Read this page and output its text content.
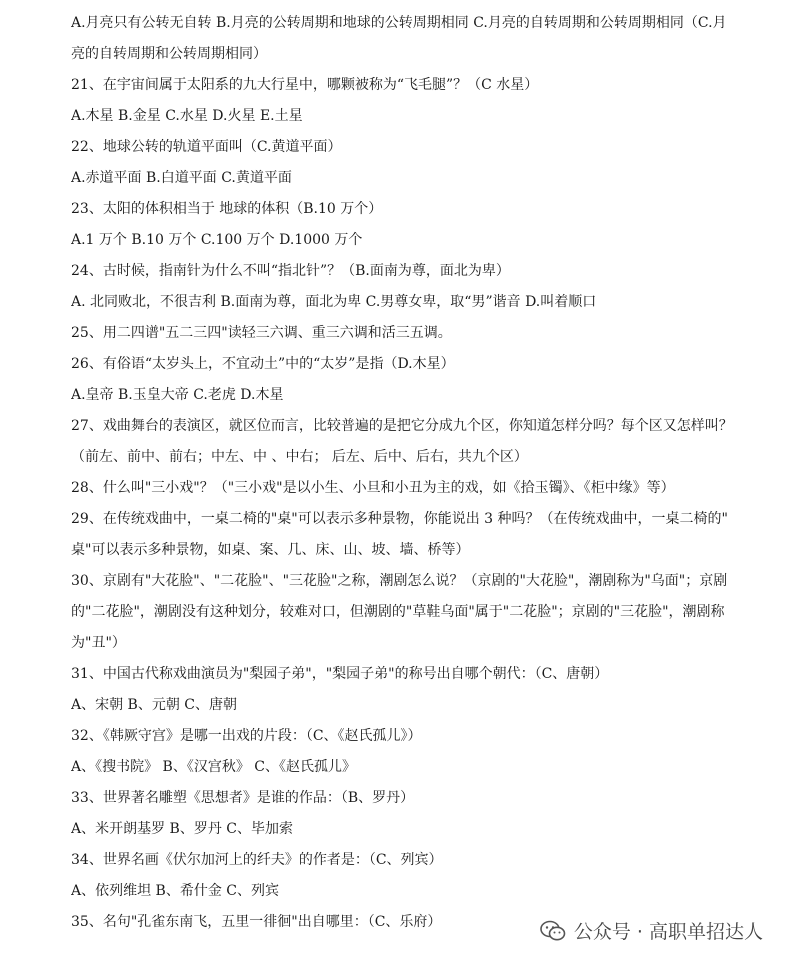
A.月亮只有公转无自转 B.月亮的公转周期和地球的公转周期相同 C.月亮的自转周期和公转周期相同（C.月
亮的自转周期和公转周期相同）
21、在宇宙间属于太阳系的九大行星中，哪颗被称为“飞毛腿”？（C 水星）
A.木星 B.金星 C.水星 D.火星 E.土星
22、地球公转的轨道平面叫（C.黄道平面）
A.赤道平面 B.白道平面 C.黄道平面
23、太阳的体积相当于 地球的体积（B.10 万个）
A.1 万个 B.10 万个 C.100 万个 D.1000 万个
24、古时候，指南针为什么不叫“指北针”？（B.面南为尊，面北为卑）
A. 北同败北，不很吉利 B.面南为尊，面北为卑 C.男尊女卑，取“男”谐音 D.叫着顺口
25、用二四谱"五二三四"读轻三六调、重三六调和活三五调。
26、有俗语“太岁头上，不宜动土”中的“太岁”是指（D.木星）
A.皇帝 B.玉皇大帝 C.老虎 D.木星
27、戏曲舞台的表演区，就区位而言，比较普遍的是把它分成九个区，你知道怎样分吗？每个区又怎样叫？
（前左、前中、前右；中左、中 、中右； 后左、后中、后右，共九个区）
28、什么叫"三小戏"？（"三小戏"是以小生、小旦和小丑为主的戏，如《拾玉镯》、《柜中缘》等）
29、在传统戏曲中，一桌二椅的"桌"可以表示多种景物，你能说出 3 种吗？（在传统戏曲中，一桌二椅的"
桌"可以表示多种景物，如桌、案、几、床、山、坡、墙、桥等）
30、京剧有"大花脸"、"二花脸"、"三花脸"之称，潮剧怎么说？（京剧的"大花脸"，潮剧称为"乌面"；京剧
的"二花脸"，潮剧没有这种划分，较难对口，但潮剧的"草鞋乌面"属于"二花脸"；京剧的"三花脸"，潮剧称
为"丑"）
31、中国古代称戏曲演员为"梨园子弟"，"梨园子弟"的称号出自哪个朝代：（C、唐朝）
A、宋朝 B、元朝 C、唐朝
32、《韩厥守宫》是哪一出戏的片段：（C、《赵氏孤儿》）
A、《搜书院》 B、《汉宫秋》 C、《赵氏孤儿》
33、世界著名雕塑《思想者》是谁的作品：（B、罗丹）
A、米开朗基罗 B、罗丹 C、毕加索
34、世界名画《伏尔加河上的纤夫》的作者是：（C、列宾）
A、依列维坦 B、希什金 C、列宾
35、名句"孔雀东南飞，五里一徘徊"出自哪里：（C、乐府）	公众号 · 高职单招达人
